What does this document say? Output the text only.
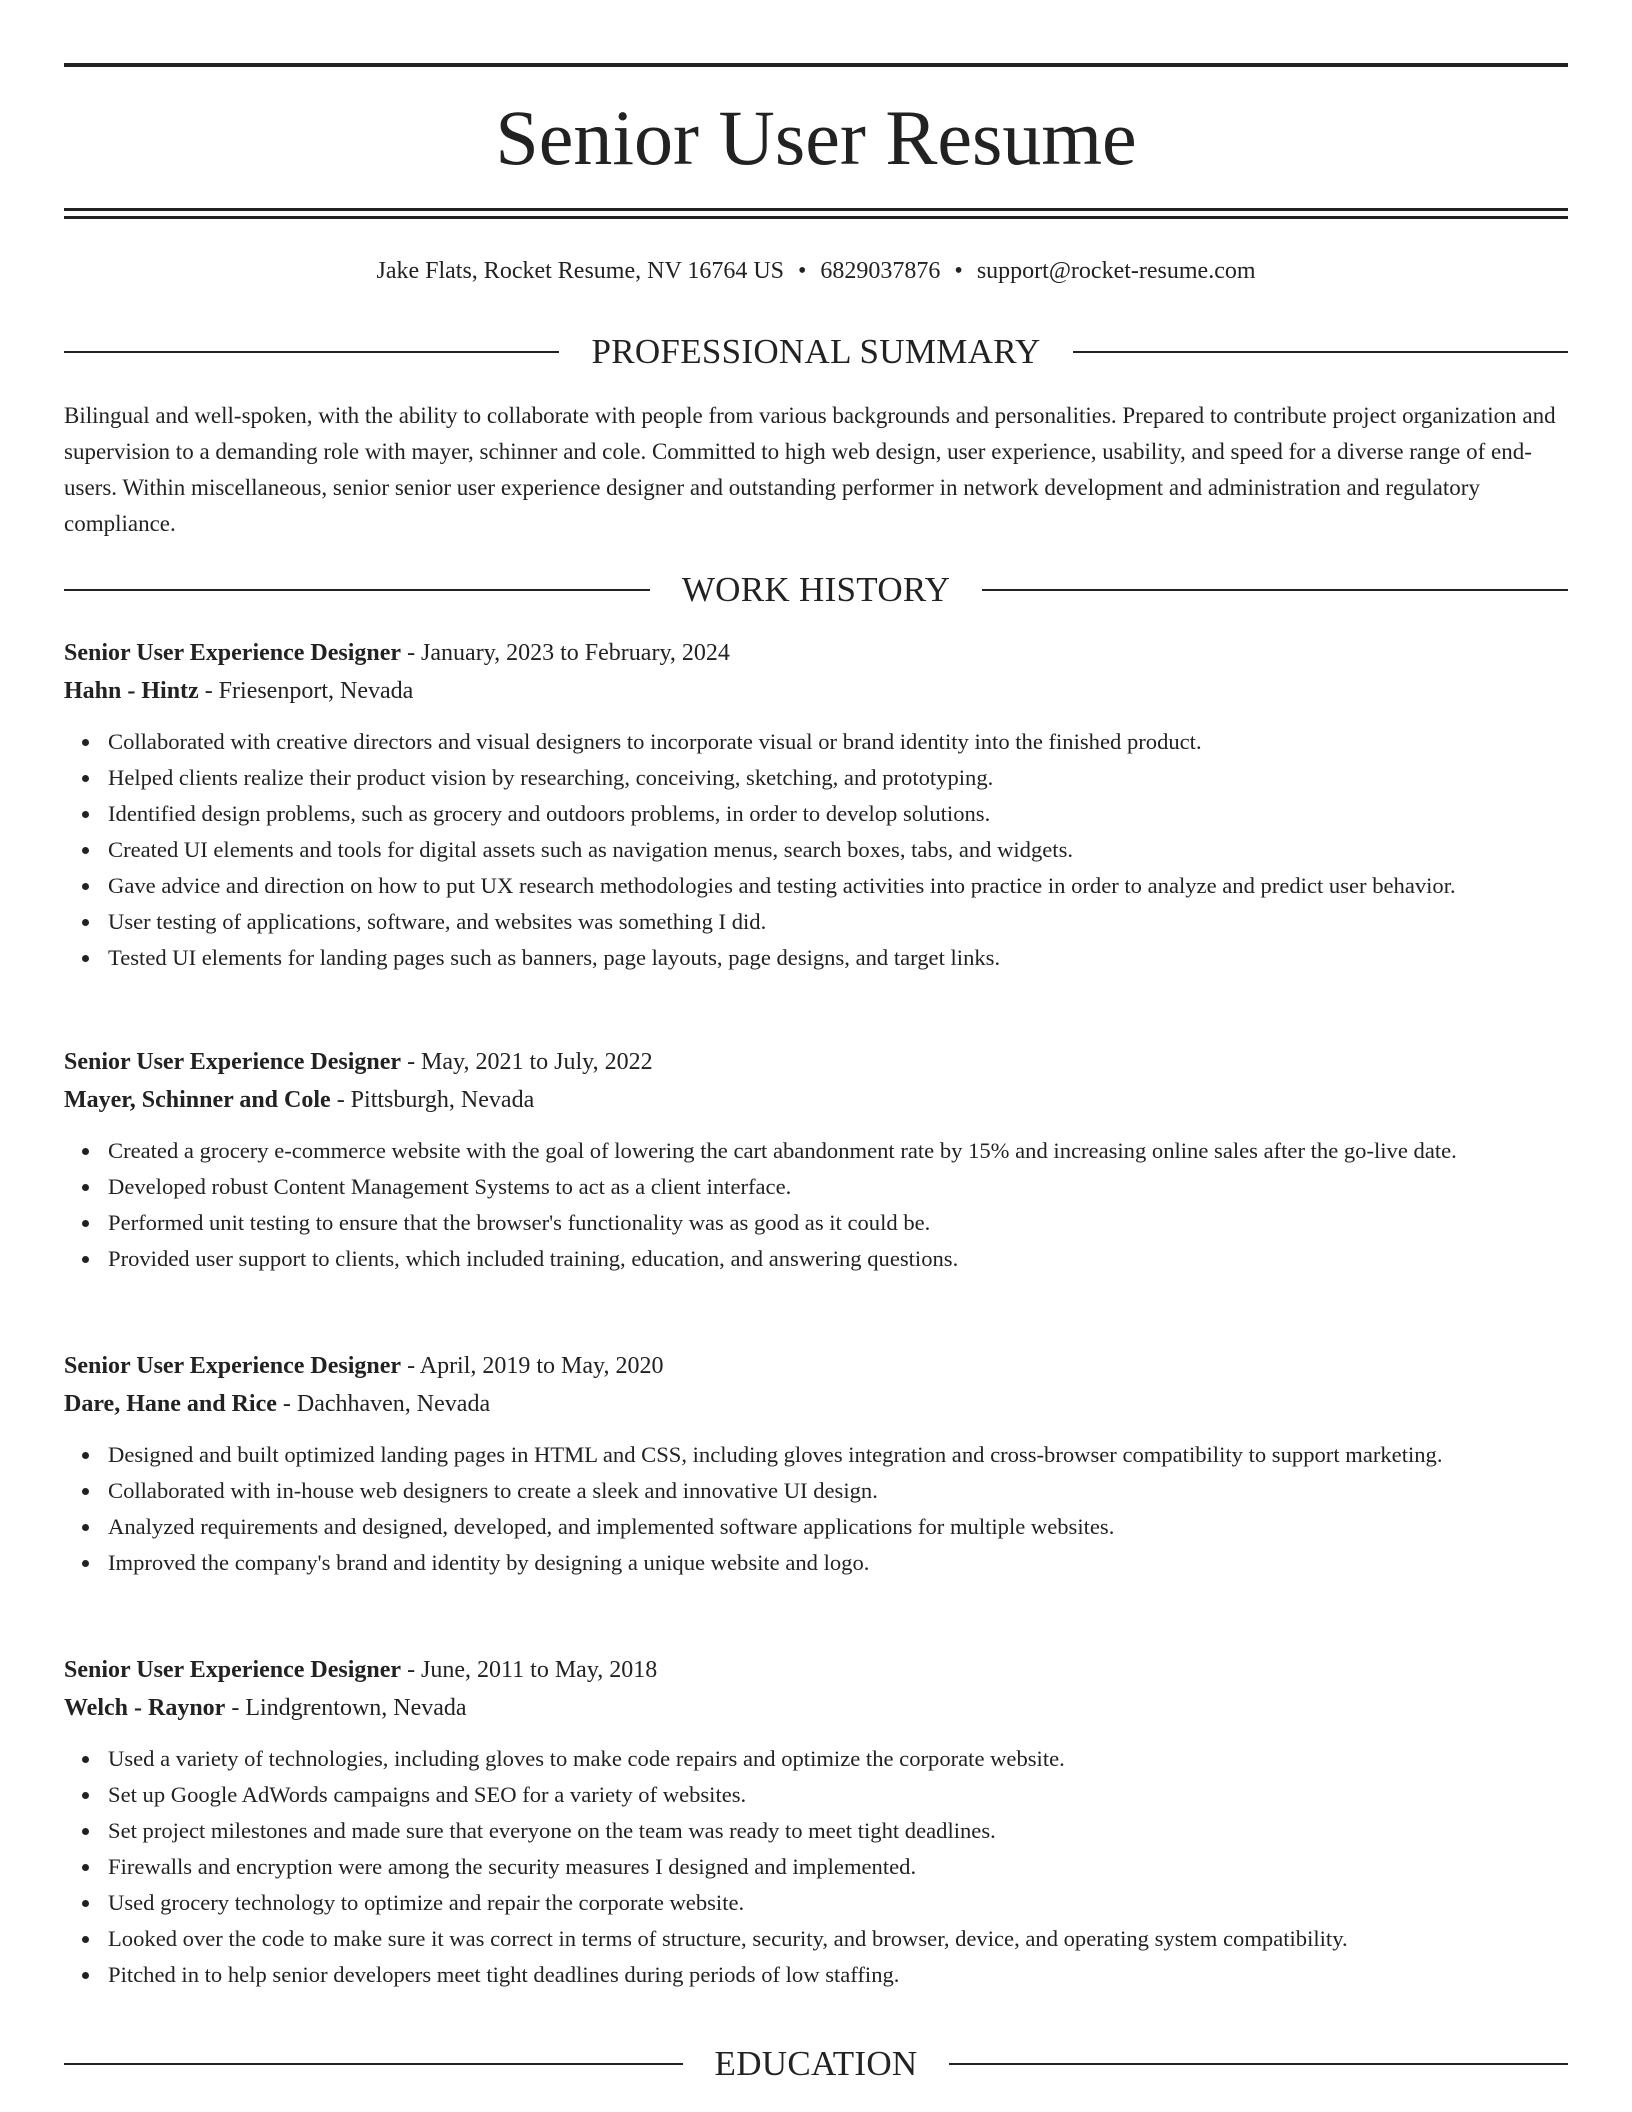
Senior User Resume
Jake Flats, Rocket Resume, NV 16764 US • 6829037876 • support@rocket-resume.com
PROFESSIONAL SUMMARY

Bilingual and well-spoken, with the ability to collaborate with people from various backgrounds and personalities. Prepared to contribute project organization and supervision to a demanding role with mayer, schinner and cole. Committed to high web design, user experience, usability, and speed for a diverse range of end-users. Within miscellaneous, senior senior user experience designer and outstanding performer in network development and administration and regulatory compliance.

WORK HISTORY

Senior User Experience Designer - January, 2023 to February, 2024

Hahn - Hintz - Friesenport, Nevada

Collaborated with creative directors and visual designers to incorporate visual or brand identity into the finished product.
Helped clients realize their product vision by researching, conceiving, sketching, and prototyping.
Identified design problems, such as grocery and outdoors problems, in order to develop solutions.
Created UI elements and tools for digital assets such as navigation menus, search boxes, tabs, and widgets.
Gave advice and direction on how to put UX research methodologies and testing activities into practice in order to analyze and predict user behavior.
User testing of applications, software, and websites was something I did.
Tested UI elements for landing pages such as banners, page layouts, page designs, and target links.

Senior User Experience Designer - May, 2021 to July, 2022

Mayer, Schinner and Cole - Pittsburgh, Nevada

Created a grocery e-commerce website with the goal of lowering the cart abandonment rate by 15% and increasing online sales after the go-live date.
Developed robust Content Management Systems to act as a client interface.
Performed unit testing to ensure that the browser's functionality was as good as it could be.
Provided user support to clients, which included training, education, and answering questions.

Senior User Experience Designer - April, 2019 to May, 2020

Dare, Hane and Rice - Dachhaven, Nevada

Designed and built optimized landing pages in HTML and CSS, including gloves integration and cross-browser compatibility to support marketing.
Collaborated with in-house web designers to create a sleek and innovative UI design.
Analyzed requirements and designed, developed, and implemented software applications for multiple websites.
Improved the company's brand and identity by designing a unique website and logo.

Senior User Experience Designer - June, 2011 to May, 2018

Welch - Raynor - Lindgrentown, Nevada

Used a variety of technologies, including gloves to make code repairs and optimize the corporate website.
Set up Google AdWords campaigns and SEO for a variety of websites.
Set project milestones and made sure that everyone on the team was ready to meet tight deadlines.
Firewalls and encryption were among the security measures I designed and implemented.
Used grocery technology to optimize and repair the corporate website.
Looked over the code to make sure it was correct in terms of structure, security, and browser, device, and operating system compatibility.
Pitched in to help senior developers meet tight deadlines during periods of low staffing.
EDUCATION
